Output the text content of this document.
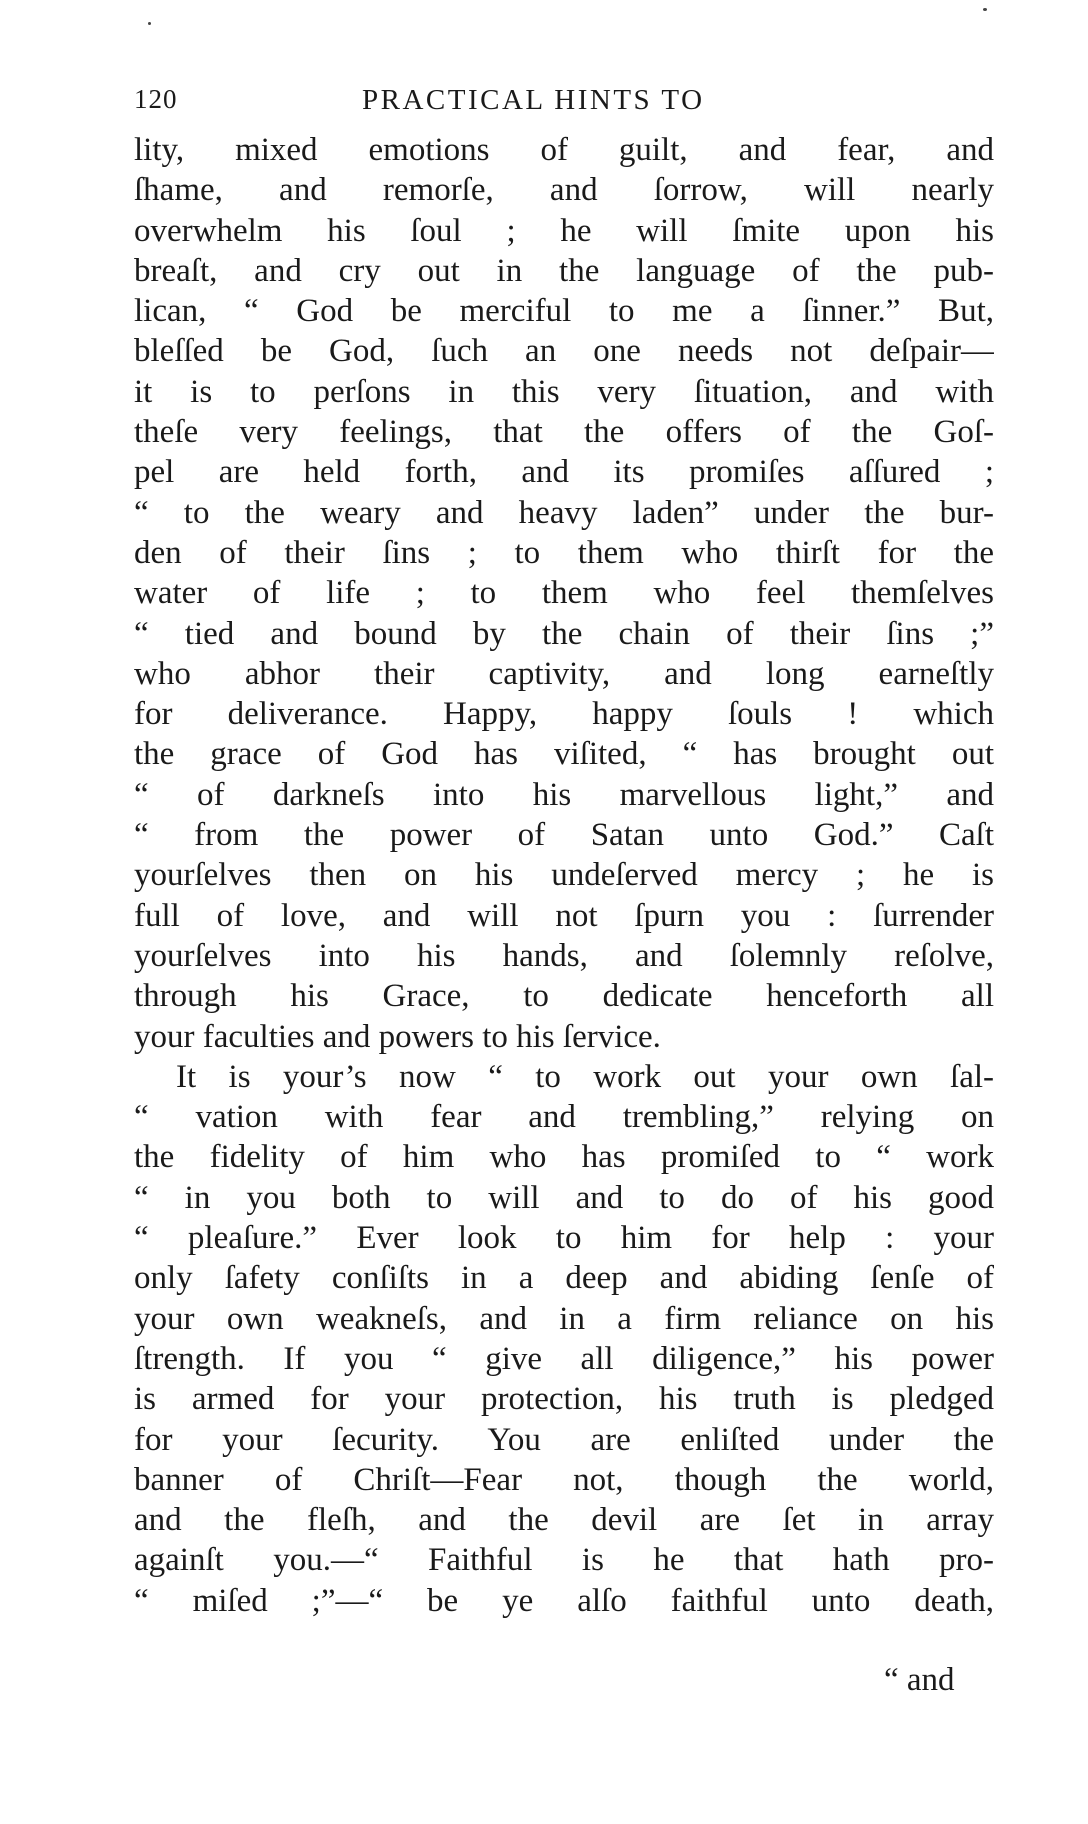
120	PRACTICAL HINTS TO
lity, mixed emotions of guilt, and fear, and
ſhame, and remorſe, and ſorrow, will nearly
overwhelm his ſoul ; he will ſmite upon his
breaſt, and cry out in the language of the pub-
lican, “ God be merciful to me a ſinner.” But,
bleſſed be God, ſuch an one needs not deſpair—
it is to perſons in this very ſituation, and with
theſe very feelings, that the offers of the Goſ-
pel are held forth, and its promiſes aſſured ;
“ to the weary and heavy laden” under the bur-
den of their ſins ; to them who thirſt for the
water of life ; to them who feel themſelves
“ tied and bound by the chain of their ſins ;”
who abhor their captivity, and long earneſtly
for deliverance. Happy, happy ſouls ! which
the grace of God has viſited, “ has brought out
“ of darkneſs into his marvellous light,” and
“ from the power of Satan unto God.” Caſt
yourſelves then on his undeſerved mercy ; he is
full of love, and will not ſpurn you : ſurrender
yourſelves into his hands, and ſolemnly reſolve,
through his Grace, to dedicate henceforth all
your faculties and powers to his ſervice.
It is your’s now “ to work out your own ſal-
“ vation with fear and trembling,” relying on
the fidelity of him who has promiſed to “ work
“ in you both to will and to do of his good
“ pleaſure.” Ever look to him for help : your
only ſafety conſiſts in a deep and abiding ſenſe of
your own weakneſs, and in a firm reliance on his
ſtrength. If you “ give all diligence,” his power
is armed for your protection, his truth is pledged
for your ſecurity. You are enliſted under the
banner of Chriſt—Fear not, though the world,
and the fleſh, and the devil are ſet in array
againſt you.—“ Faithful is he that hath pro-
“ miſed ;”—“ be ye alſo faithful unto death,
“ and
